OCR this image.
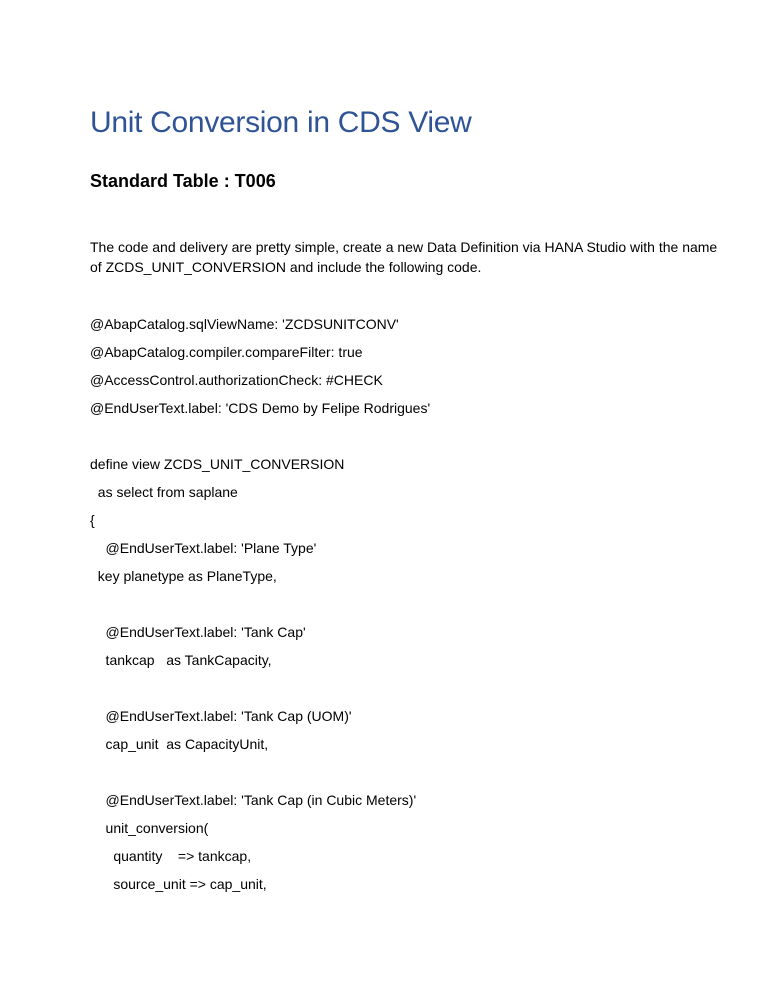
Unit Conversion in CDS View
Standard Table : T006
The code and delivery are pretty simple, create a new Data Definition via HANA Studio with the name of ZCDS_UNIT_CONVERSION and include the following code.
@AbapCatalog.sqlViewName: 'ZCDSUNITCONV'
@AbapCatalog.compiler.compareFilter: true
@AccessControl.authorizationCheck: #CHECK
@EndUserText.label: 'CDS Demo by Felipe Rodrigues'
define view ZCDS_UNIT_CONVERSION
as select from saplane
{
@EndUserText.label: 'Plane Type'
key planetype as PlaneType,
@EndUserText.label: 'Tank Cap'
tankcap   as TankCapacity,
@EndUserText.label: 'Tank Cap (UOM)'
cap_unit  as CapacityUnit,
@EndUserText.label: 'Tank Cap (in Cubic Meters)'
unit_conversion(
quantity    => tankcap,
source_unit => cap_unit,
